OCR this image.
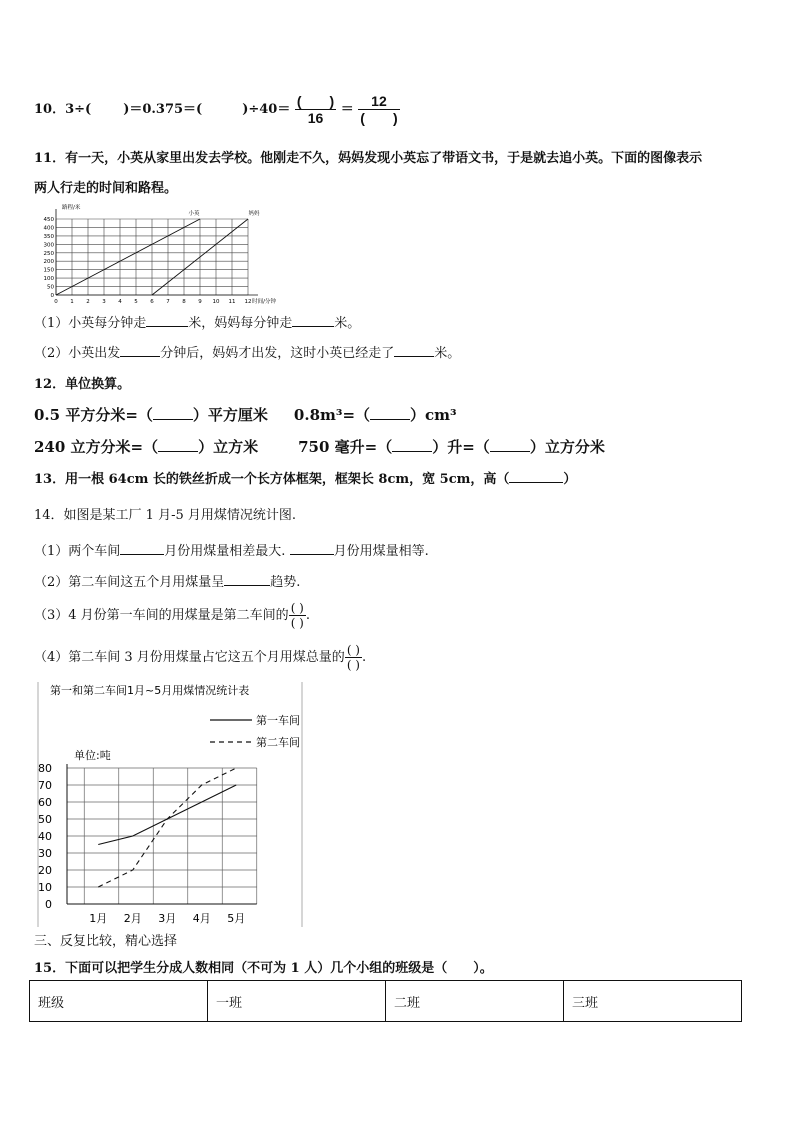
10．3÷( )＝0.375＝(	)$\div 40= \frac{( )}{16} = \frac{12}{( )}$
11．有一天，小英从家里出发去学校。他刚走不久，妈妈发现小英忘了带语文书，于是就去追小英。下面的图像表示
两人行走的时间和路程。
0 1 2 3 4 5 6 7 8 9 10 11 12
0
50
100
150
200
250
300
350
400
450
路程/米
时间/分钟
小英	妈妈
（1）小英每分钟走	米，妈妈每分钟走	米。
（2）小英出发	分钟后，妈妈才出发，这时小英已经走了	米。
12．单位换算。
0.5 平方分米=（	）平方厘米 0.8m³=（	）cm³
240 立方分米=（	）立方米	750 毫升=（	）升=（	）立方分米
13．用一根 64cm 长的铁丝折成一个长方体框架，框架长 8cm，宽 5cm，高（	）
14．如图是某工厂 1 月-5 月用煤情况统计图.
（1）两个车间	月份用煤量相差最大.	月份用煤量相等.
（2）第二车间这五个月用煤量呈	趋势.
（3）4 月份第一车间的用煤量是第二车间的 $\frac{( )}{( )}$ .
（4）第二车间 3 月份用煤量占它这五个月用煤总量的 $\frac{( )}{( )}$ .
第一和第二车间1月~5月用煤情况统计表
第一车间
第二车间
单位:吨
0
10
20
30
40
50
60
70
80
1月 2月 3月 4月 5月
三、反复比较，精心选择
15．下面可以把学生分成人数相同（不可为 1 人）几个小组的班级是（　　）。
班级	一班	二班	三班
